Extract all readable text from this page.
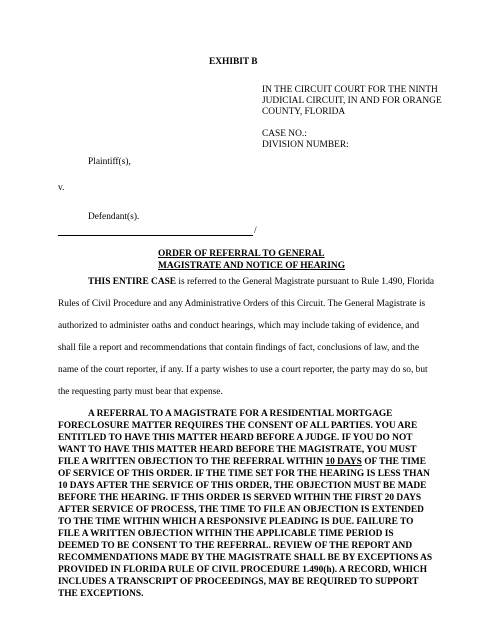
EXHIBIT B
IN THE CIRCUIT COURT FOR THE NINTH
JUDICIAL CIRCUIT, IN AND FOR ORANGE
COUNTY, FLORIDA
CASE NO.:
DIVISION NUMBER:
Plaintiff(s),
v.
Defendant(s).
/
ORDER OF REFERRAL TO GENERAL
MAGISTRATE AND NOTICE OF HEARING
THIS ENTIRE CASE is referred to the General Magistrate pursuant to Rule 1.490, Florida
Rules of Civil Procedure and any Administrative Orders of this Circuit. The General Magistrate is
authorized to administer oaths and conduct hearings, which may include taking of evidence, and
shall file a report and recommendations that contain findings of fact, conclusions of law, and the
name of the court reporter, if any. If a party wishes to use a court reporter, the party may do so, but
the requesting party must bear that expense.
A REFERRAL TO A MAGISTRATE FOR A RESIDENTIAL MORTGAGE
FORECLOSURE MATTER REQUIRES THE CONSENT OF ALL PARTIES. YOU ARE
ENTITLED TO HAVE THIS MATTER HEARD BEFORE A JUDGE. IF YOU DO NOT
WANT TO HAVE THIS MATTER HEARD BEFORE THE MAGISTRATE, YOU MUST
FILE A WRITTEN OBJECTION TO THE REFERRAL WITHIN 10 DAYS OF THE TIME
OF SERVICE OF THIS ORDER. IF THE TIME SET FOR THE HEARING IS LESS THAN
10 DAYS AFTER THE SERVICE OF THIS ORDER, THE OBJECTION MUST BE MADE
BEFORE THE HEARING. IF THIS ORDER IS SERVED WITHIN THE FIRST 20 DAYS
AFTER SERVICE OF PROCESS, THE TIME TO FILE AN OBJECTION IS EXTENDED
TO THE TIME WITHIN WHICH A RESPONSIVE PLEADING IS DUE. FAILURE TO
FILE A WRITTEN OBJECTION WITHIN THE APPLICABLE TIME PERIOD IS
DEEMED TO BE CONSENT TO THE REFERRAL. REVIEW OF THE REPORT AND
RECOMMENDATIONS MADE BY THE MAGISTRATE SHALL BE BY EXCEPTIONS AS
PROVIDED IN FLORIDA RULE OF CIVIL PROCEDURE 1.490(h). A RECORD, WHICH
INCLUDES A TRANSCRIPT OF PROCEEDINGS, MAY BE REQUIRED TO SUPPORT
THE EXCEPTIONS.
